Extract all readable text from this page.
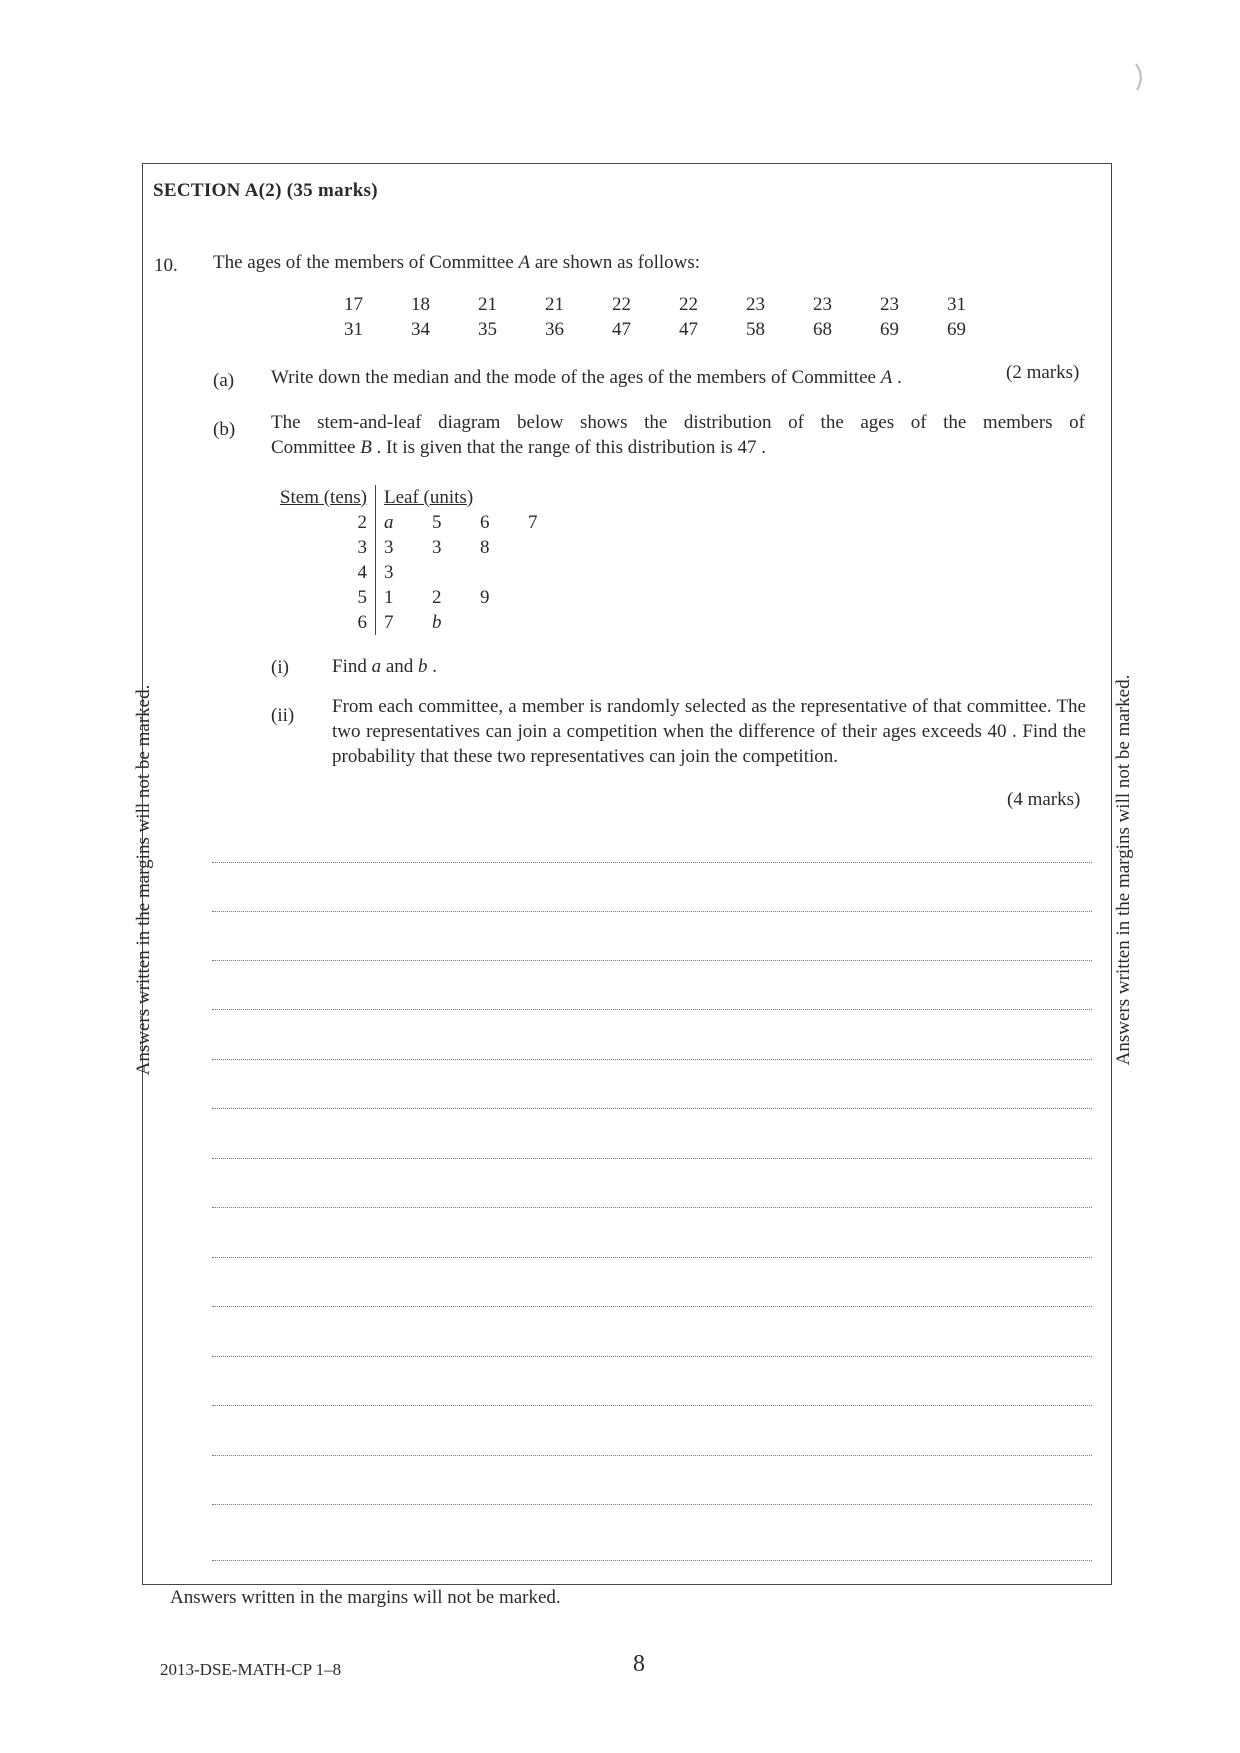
SECTION A(2) (35 marks)
10. The ages of the members of Committee A are shown as follows:
17	18	21	21	22	22	23	23	23	31
31	34	35	36	47	47	58	68	69	69
(a) Write down the median and the mode of the ages of the members of Committee A .	(2 marks)
(b) The stem-and-leaf diagram below shows the distribution of the ages of the members of
Committee B . It is given that the range of this distribution is 47 .
Stem (tens)	Leaf (units)			
2	a	5	6	7
3	3	3	8	
4	3			
5	1	2	9	
6	7	b		
(i) Find a and b .
(ii) From each committee, a member is randomly selected as the representative of that committee. The two representatives can join a competition when the difference of their ages exceeds 40 . Find the probability that these two representatives can join the competition.
(4 marks)
Answers written in the margins will not be marked.	Answers written in the margins will not be marked.
Answers written in the margins will not be marked.
2013-DSE-MATH-CP 1–8	8
